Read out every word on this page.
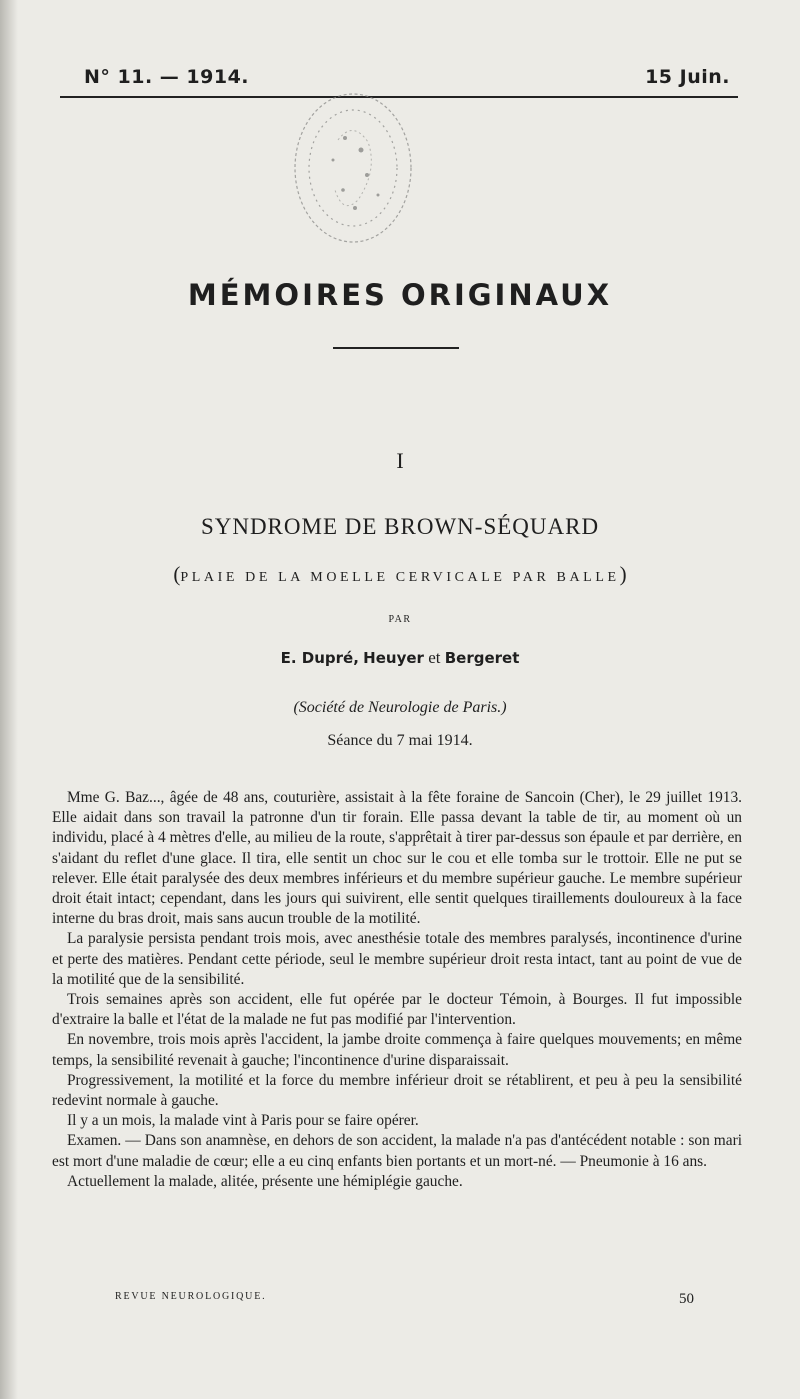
N° 11. — 1914.	15 Juin.
MÉMOIRES ORIGINAUX
I
SYNDROME DE BROWN-SÉQUARD
(PLAIE DE LA MOELLE CERVICALE PAR BALLE)
PAR
E. Dupré, Heuyer et Bergeret
(Société de Neurologie de Paris.)
Séance du 7 mai 1914.

Mme G. Baz..., âgée de 48 ans, couturière, assistait à la fête foraine de Sancoin (Cher), le 29 juillet 1913. Elle aidait dans son travail la patronne d'un tir forain. Elle passa devant la table de tir, au moment où un individu, placé à 4 mètres d'elle, au milieu de la route, s'apprêtait à tirer par-dessus son épaule et par derrière, en s'aidant du reflet d'une glace. Il tira, elle sentit un choc sur le cou et elle tomba sur le trottoir. Elle ne put se relever. Elle était paralysée des deux membres inférieurs et du membre supérieur gauche. Le membre supérieur droit était intact; cependant, dans les jours qui suivirent, elle sentit quelques tiraillements douloureux à la face interne du bras droit, mais sans aucun trouble de la motilité.

La paralysie persista pendant trois mois, avec anesthésie totale des membres paralysés, incontinence d'urine et perte des matières. Pendant cette période, seul le membre supérieur droit resta intact, tant au point de vue de la motilité que de la sensibilité.

Trois semaines après son accident, elle fut opérée par le docteur Témoin, à Bourges. Il fut impossible d'extraire la balle et l'état de la malade ne fut pas modifié par l'intervention.

En novembre, trois mois après l'accident, la jambe droite commença à faire quelques mouvements; en même temps, la sensibilité revenait à gauche; l'incontinence d'urine disparaissait.

Progressivement, la motilité et la force du membre inférieur droit se rétablirent, et peu à peu la sensibilité redevint normale à gauche.

Il y a un mois, la malade vint à Paris pour se faire opérer.

Examen. — Dans son anamnèse, en dehors de son accident, la malade n'a pas d'antécédent notable : son mari est mort d'une maladie de cœur; elle a eu cinq enfants bien portants et un mort-né. — Pneumonie à 16 ans.

Actuellement la malade, alitée, présente une hémiplégie gauche.

REVUE NEUROLOGIQUE.	50
